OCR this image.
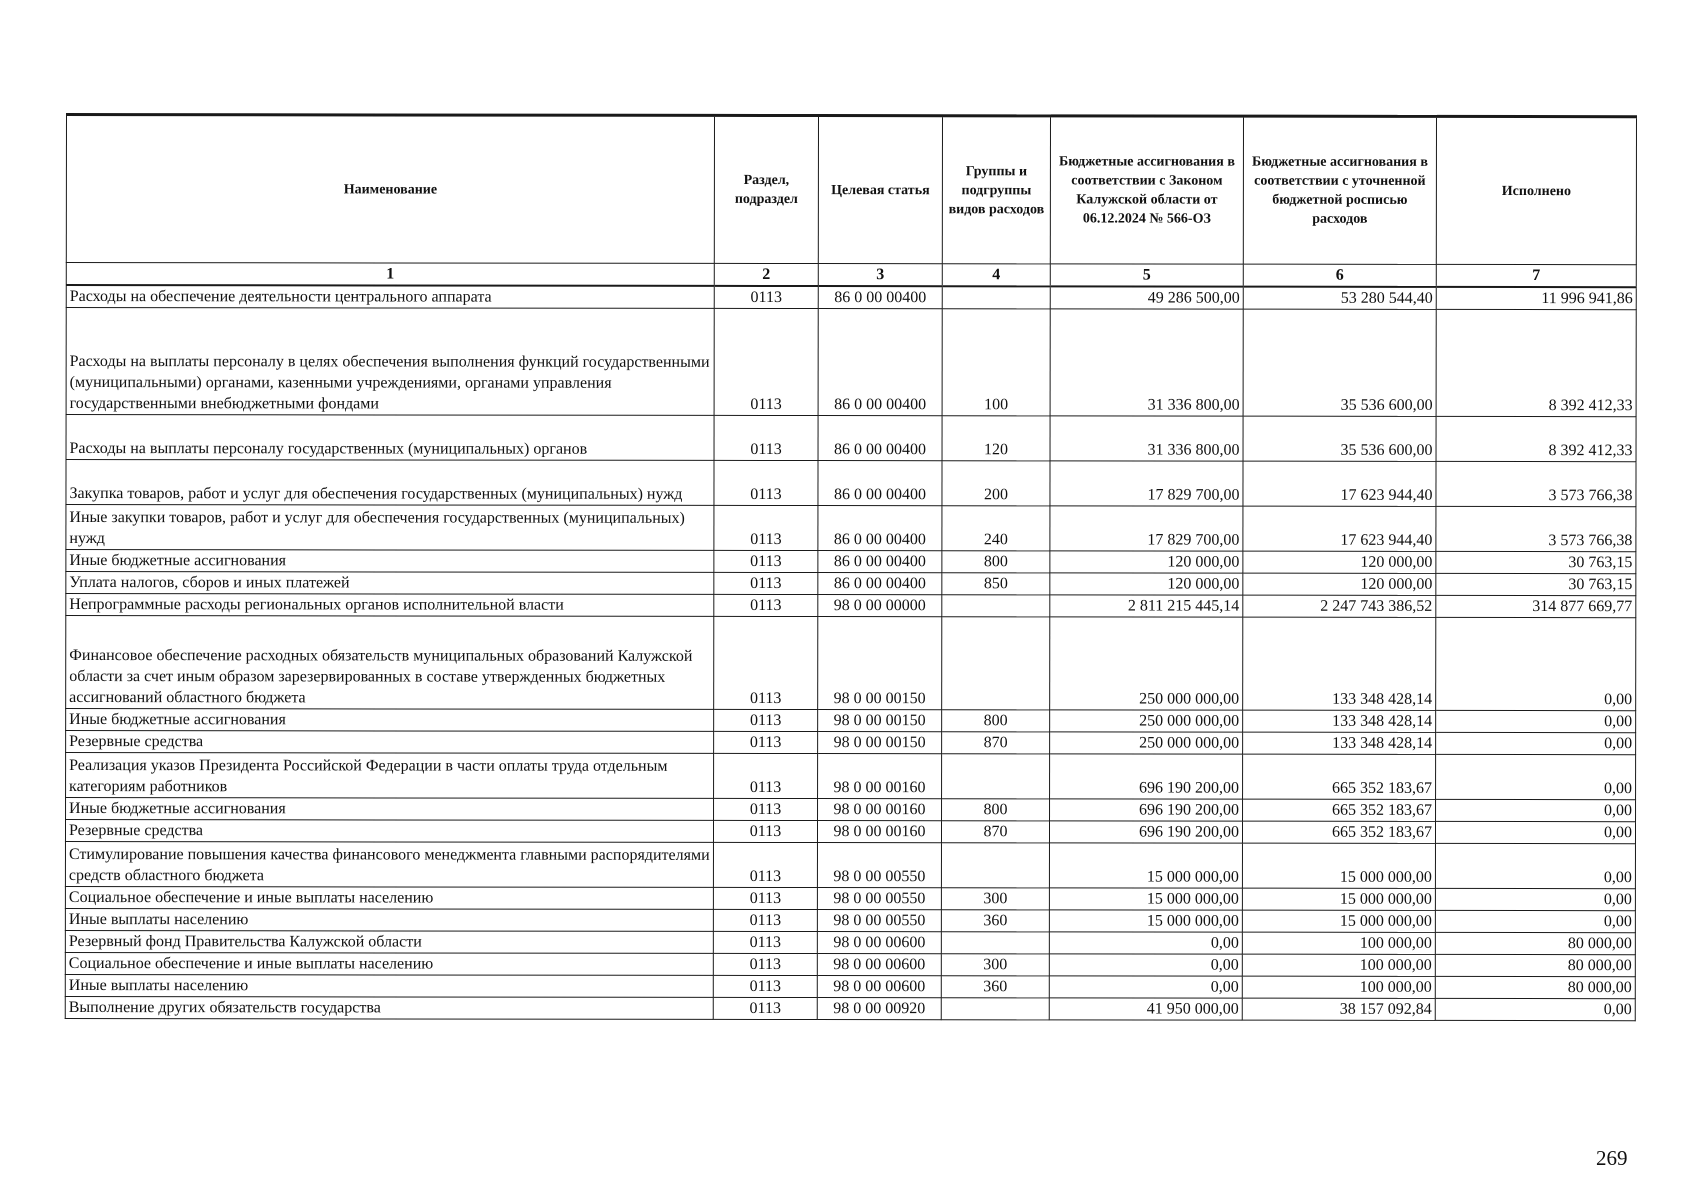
Наименование	Раздел, подраздел	Целевая статья	Группы и подгруппы видов расходов	Бюджетные ассигнования в соответствии с Законом Калужской области от 06.12.2024 № 566-ОЗ	Бюджетные ассигнования в соответствии с уточненной бюджетной росписью расходов	Исполнено
1	2	3	4	5	6	7
Расходы на обеспечение деятельности центрального аппарата	0113	86 0 00 00400		49 286 500,00	53 280 544,40	11 996 941,86
Расходы на выплаты персоналу в целях обеспечения выполнения функций государственными (муниципальными) органами, казенными учреждениями, органами управления государственными внебюджетными фондами	0113	86 0 00 00400	100	31 336 800,00	35 536 600,00	8 392 412,33
Расходы на выплаты персоналу государственных (муниципальных) органов	0113	86 0 00 00400	120	31 336 800,00	35 536 600,00	8 392 412,33
Закупка товаров, работ и услуг для обеспечения государственных (муниципальных) нужд	0113	86 0 00 00400	200	17 829 700,00	17 623 944,40	3 573 766,38
Иные закупки товаров, работ и услуг для обеспечения государственных (муниципальных) нужд	0113	86 0 00 00400	240	17 829 700,00	17 623 944,40	3 573 766,38
Иные бюджетные ассигнования	0113	86 0 00 00400	800	120 000,00	120 000,00	30 763,15
Уплата налогов, сборов и иных платежей	0113	86 0 00 00400	850	120 000,00	120 000,00	30 763,15
Непрограммные расходы региональных органов исполнительной власти	0113	98 0 00 00000		2 811 215 445,14	2 247 743 386,52	314 877 669,77
Финансовое обеспечение расходных обязательств муниципальных образований Калужской области за счет иным образом зарезервированных в составе утвержденных бюджетных ассигнований областного бюджета	0113	98 0 00 00150		250 000 000,00	133 348 428,14	0,00
Иные бюджетные ассигнования	0113	98 0 00 00150	800	250 000 000,00	133 348 428,14	0,00
Резервные средства	0113	98 0 00 00150	870	250 000 000,00	133 348 428,14	0,00
Реализация указов Президента Российской Федерации в части оплаты труда отдельным категориям работников	0113	98 0 00 00160		696 190 200,00	665 352 183,67	0,00
Иные бюджетные ассигнования	0113	98 0 00 00160	800	696 190 200,00	665 352 183,67	0,00
Резервные средства	0113	98 0 00 00160	870	696 190 200,00	665 352 183,67	0,00
Стимулирование повышения качества финансового менеджмента главными распорядителями средств областного бюджета	0113	98 0 00 00550		15 000 000,00	15 000 000,00	0,00
Социальное обеспечение и иные выплаты населению	0113	98 0 00 00550	300	15 000 000,00	15 000 000,00	0,00
Иные выплаты населению	0113	98 0 00 00550	360	15 000 000,00	15 000 000,00	0,00
Резервный фонд Правительства Калужской области	0113	98 0 00 00600		0,00	100 000,00	80 000,00
Социальное обеспечение и иные выплаты населению	0113	98 0 00 00600	300	0,00	100 000,00	80 000,00
Иные выплаты населению	0113	98 0 00 00600	360	0,00	100 000,00	80 000,00
Выполнение других обязательств государства	0113	98 0 00 00920		41 950 000,00	38 157 092,84	0,00
269
